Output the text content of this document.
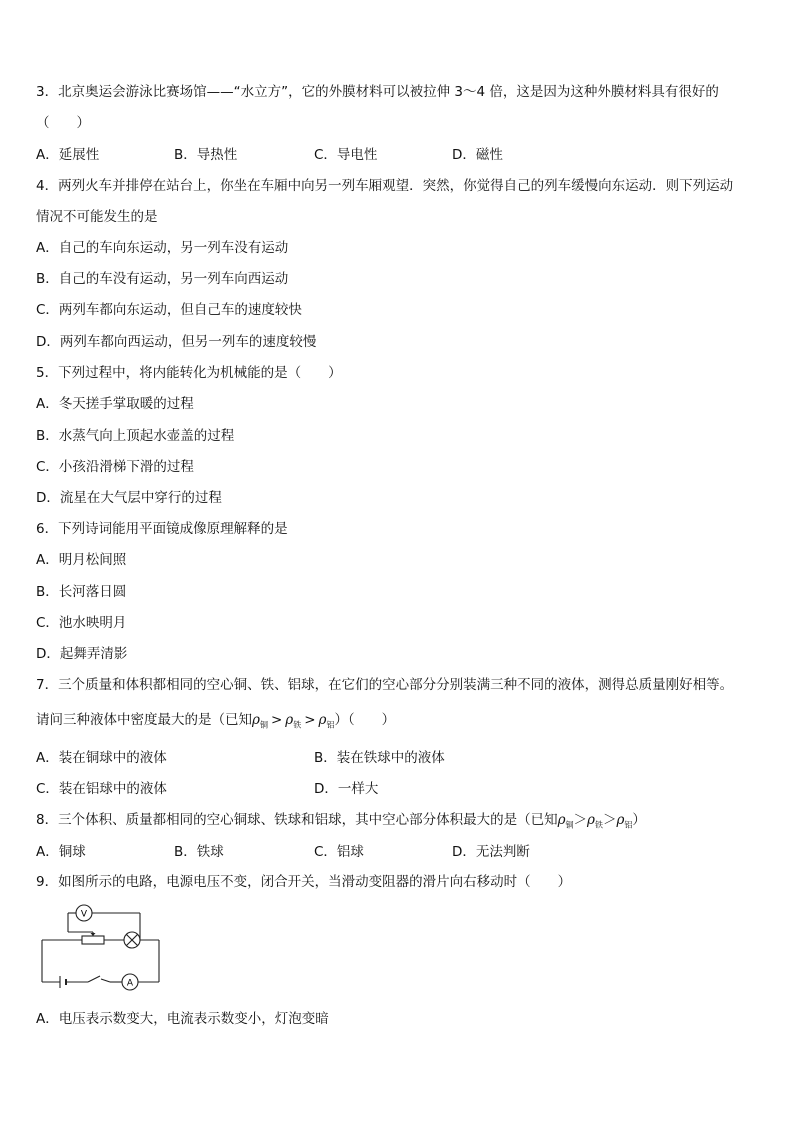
3．北京奥运会游泳比赛场馆——“水立方”，它的外膜材料可以被拉伸 3～4 倍，这是因为这种外膜材料具有很好的
（　　）
A．延展性	B．导热性	C．导电性	D．磁性
4．两列火车并排停在站台上，你坐在车厢中向另一列车厢观望．突然，你觉得自己的列车缓慢向东运动．则下列运动
情况不可能发生的是
A．自己的车向东运动，另一列车没有运动
B．自己的车没有运动，另一列车向西运动
C．两列车都向东运动，但自己车的速度较快
D．两列车都向西运动，但另一列车的速度较慢
5．下列过程中，将内能转化为机械能的是（　　）
A．冬天搓手掌取暖的过程
B．水蒸气向上顶起水壶盖的过程
C．小孩沿滑梯下滑的过程
D．流星在大气层中穿行的过程
6．下列诗词能用平面镜成像原理解释的是
A．明月松间照
B．长河落日圆
C．池水映明月
D．起舞弄清影
7．三个质量和体积都相同的空心铜、铁、铝球，在它们的空心部分分别装满三种不同的液体，测得总质量刚好相等。
请问三种液体中密度最大的是（已知$\rho_铜 > \rho_铁 > \rho_铝$）（　　）
A．装在铜球中的液体	B．装在铁球中的液体
C．装在铝球中的液体	D．一样大
8．三个体积、质量都相同的空心铜球、铁球和铝球，其中空心部分体积最大的是（已知$\rho_铜>\rho_铁>\rho_铝$）
A．铜球	B．铁球	C．铝球	D．无法判断
9．如图所示的电路，电源电压不变，闭合开关，当滑动变阻器的滑片向右移动时（　　）
V
A
A．电压表示数变大，电流表示数变小，灯泡变暗
